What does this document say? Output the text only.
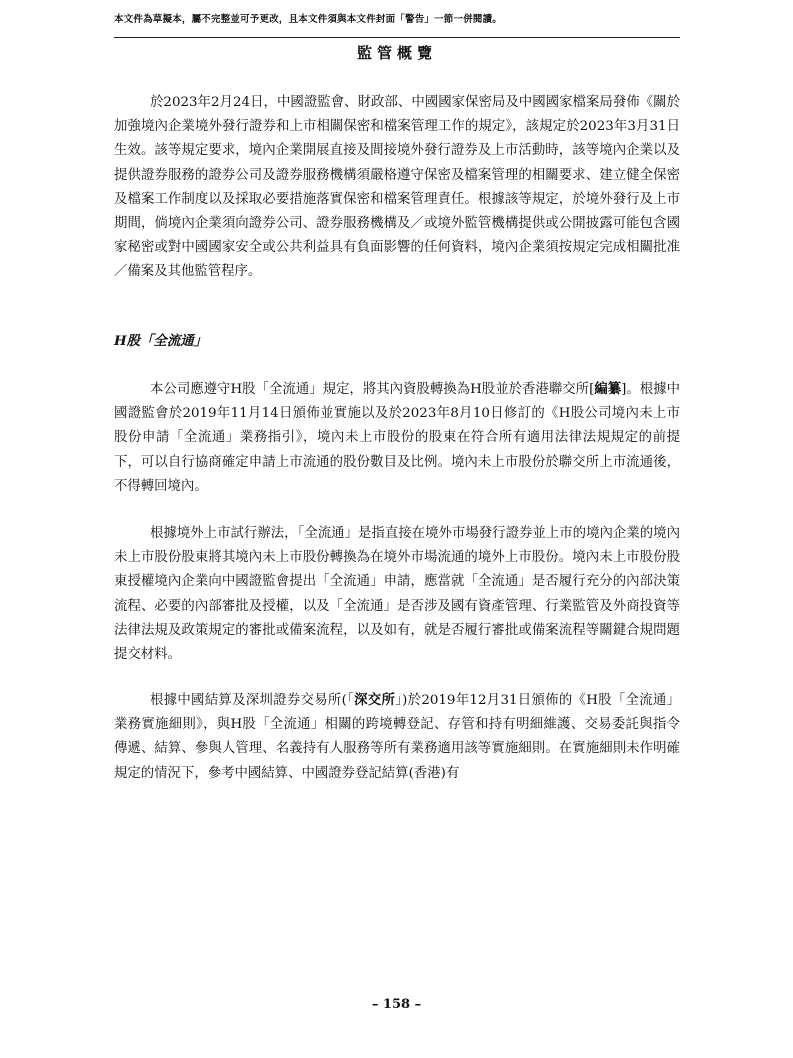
本文件為草擬本，屬不完整並可予更改，且本文件須與本文件封面「警告」一節一併閱讀。
監管概覽

於2023年2月24日，中國證監會、財政部、中國國家保密局及中國國家檔案局發佈《關於加強境內企業境外發行證券和上市相關保密和檔案管理工作的規定》，該規定於2023年3月31日生效。該等規定要求，境內企業開展直接及間接境外發行證券及上市活動時，該等境內企業以及提供證券服務的證券公司及證券服務機構須嚴格遵守保密及檔案管理的相關要求、建立健全保密及檔案工作制度以及採取必要措施落實保密和檔案管理責任。根據該等規定，於境外發行及上市期間，倘境內企業須向證券公司、證券服務機構及／或境外監管機構提供或公開披露可能包含國家秘密或對中國國家安全或公共利益具有負面影響的任何資料，境內企業須按規定完成相關批准／備案及其他監管程序。

H股「全流通」

本公司應遵守H股「全流通」規定，將其內資股轉換為H股並於香港聯交所[編纂]。根據中國證監會於2019年11月14日頒佈並實施以及於2023年8月10日修訂的《H股公司境內未上市股份申請「全流通」業務指引》，境內未上市股份的股東在符合所有適用法律法規規定的前提下，可以自行協商確定申請上市流通的股份數目及比例。境內未上市股份於聯交所上市流通後，不得轉回境內。

根據境外上市試行辦法，「全流通」是指直接在境外市場發行證券並上市的境內企業的境內未上市股份股東將其境內未上市股份轉換為在境外市場流通的境外上市股份。境內未上市股份股東授權境內企業向中國證監會提出「全流通」申請，應當就「全流通」是否履行充分的內部決策流程、必要的內部審批及授權，以及「全流通」是否涉及國有資產管理、行業監管及外商投資等法律法規及政策規定的審批或備案流程，以及如有，就是否履行審批或備案流程等關鍵合規問題提交材料。

根據中國結算及深圳證券交易所(「深交所」)於2019年12月31日頒佈的《H股「全流通」業務實施細則》，與H股「全流通」相關的跨境轉登記、存管和持有明細維護、交易委託與指令傳遞、結算、參與人管理、名義持有人服務等所有業務適用該等實施細則。在實施細則未作明確規定的情況下，參考中國結算、中國證券登記結算(香港)有

– 158 –
